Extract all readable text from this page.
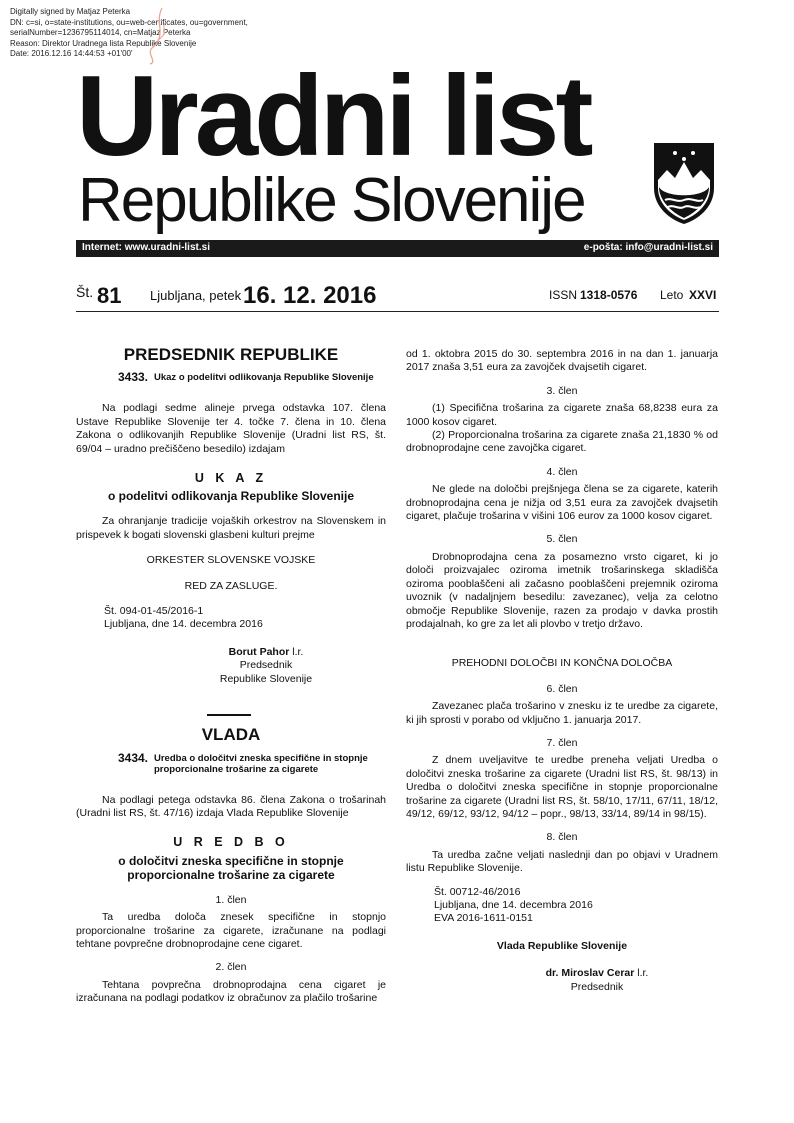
Digitally signed by Matjaz Peterka
DN: c=si, o=state-institutions, ou=web-certificates, ou=government,
serialNumber=1236795114014, cn=Matjaz Peterka
Reason: Direktor Uradnega lista Republike Slovenije
Date: 2016.12.16 14:44:53 +01'00'
Uradni list
Republike Slovenije
Internet: www.uradni-list.si	e-pošta: info@uradni-list.si
Št. 81 Ljubljana, petek 16. 12. 2016	ISSN 1318-0576 Leto XXVI
PREDSEDNIK REPUBLIKE
3433. Ukaz o podelitvi odlikovanja Republike Slovenije

Na podlagi sedme alineje prvega odstavka 107. člena Ustave Republike Slovenije ter 4. točke 7. člena in 10. člena Zakona o odlikovanjih Republike Slovenije (Uradni list RS, št. 69/04 – uradno prečiščeno besedilo) izdajam

U K A Z
o podelitvi odlikovanja Republike Slovenije

Za ohranjanje tradicije vojaških orkestrov na Slovenskem in prispevek k bogati slovenski glasbeni kulturi prejme

ORKESTER SLOVENSKE VOJSKE
RED ZA ZASLUGE.
Št. 094-01-45/2016-1
Ljubljana, dne 14. decembra 2016
Borut Pahor l.r.
Predsednik
Republike Slovenije
VLADA
3434. Uredba o določitvi zneska specifične in stopnje proporcionalne trošarine za cigarete

Na podlagi petega odstavka 86. člena Zakona o trošarinah (Uradni list RS, št. 47/16) izdaja Vlada Republike Slovenije

U R E D B O
o določitvi zneska specifične in stopnje proporcionalne trošarine za cigarete
1. člen

Ta uredba določa znesek specifične in stopnjo proporcionalne trošarine za cigarete, izračunane na podlagi tehtane povprečne drobnoprodajne cene cigaret.

2. člen

Tehtana povprečna drobnoprodajna cena cigaret je izračunana na podlagi podatkov iz obračunov za plačilo trošarine

od 1. oktobra 2015 do 30. septembra 2016 in na dan 1. januarja 2017 znaša 3,51 eura za zavojček dvajsetih cigaret.

3. člen

(1) Specifična trošarina za cigarete znaša 68,8238 eura za 1000 kosov cigaret.

(2) Proporcionalna trošarina za cigarete znaša 21,1830 % od drobnoprodajne cene zavojčka cigaret.

4. člen

Ne glede na določbi prejšnjega člena se za cigarete, katerih drobnoprodajna cena je nižja od 3,51 eura za zavojček dvajsetih cigaret, plačuje trošarina v višini 106 eurov za 1000 kosov cigaret.

5. člen

Drobnoprodajna cena za posamezno vrsto cigaret, ki jo določi proizvajalec oziroma imetnik trošarinskega skladišča oziroma pooblaščeni ali začasno pooblaščeni prejemnik oziroma uvoznik (v nadaljnjem besedilu: zavezanec), velja za celotno območje Republike Slovenije, razen za prodajo v davka prostih prodajalnah, ko gre za let ali plovbo v tretjo državo.

PREHODNI DOLOČBI IN KONČNA DOLOČBA
6. člen

Zavezanec plača trošarino v znesku iz te uredbe za cigarete, ki jih sprosti v porabo od vključno 1. januarja 2017.

7. člen

Z dnem uveljavitve te uredbe preneha veljati Uredba o določitvi zneska trošarine za cigarete (Uradni list RS, št. 98/13) in Uredba o določitvi zneska specifične in stopnje proporcionalne trošarine za cigarete (Uradni list RS, št. 58/10, 17/11, 67/11, 18/12, 49/12, 69/12, 93/12, 94/12 – popr., 98/13, 33/14, 89/14 in 98/15).

8. člen

Ta uredba začne veljati naslednji dan po objavi v Uradnem listu Republike Slovenije.

Št. 00712-46/2016
Ljubljana, dne 14. decembra 2016
EVA 2016-1611-0151
Vlada Republike Slovenije
dr. Miroslav Cerar l.r.
Predsednik
